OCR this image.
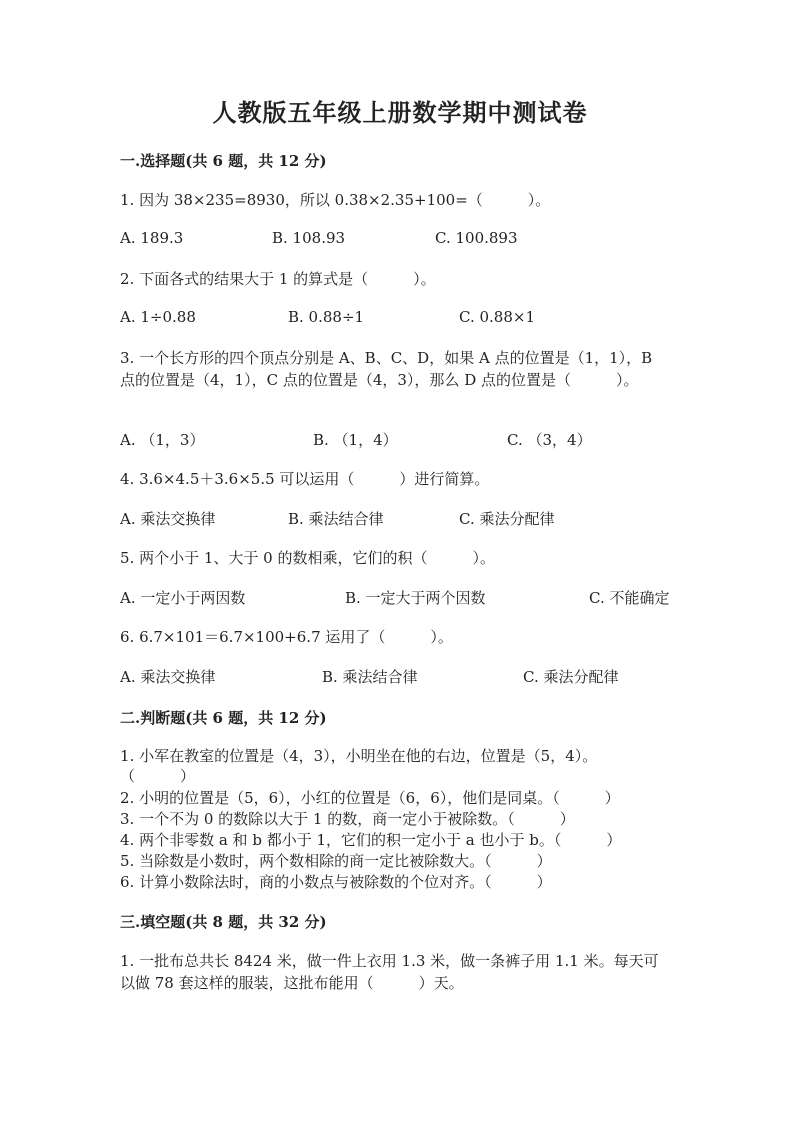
人教版五年级上册数学期中测试卷
一.选择题(共 6 题，共 12 分)
1. 因为 38×235=8930，所以 0.38×2.35+100=（　　　）。
A. 189.3	B. 108.93	C. 100.893
2. 下面各式的结果大于 1 的算式是（　　　）。
A. 1÷0.88	B. 0.88÷1	C. 0.88×1
3. 一个长方形的四个顶点分别是 A、B、C、D，如果 A 点的位置是（1，1），B
点的位置是（4，1），C 点的位置是（4，3），那么 D 点的位置是（　　　）。
A. （1，3）	B. （1，4）	C. （3，4）
4. 3.6×4.5＋3.6×5.5 可以运用（　　　）进行简算。
A. 乘法交换律	B. 乘法结合律	C. 乘法分配律
5. 两个小于 1、大于 0 的数相乘，它们的积（　　　）。
A. 一定小于两因数	B. 一定大于两个因数	C. 不能确定
6. 6.7×101＝6.7×100+6.7 运用了（　　　）。
A. 乘法交换律	B. 乘法结合律	C. 乘法分配律
二.判断题(共 6 题，共 12 分)
1. 小军在教室的位置是（4，3），小明坐在他的右边，位置是（5，4）。
（　　　）
2. 小明的位置是（5，6），小红的位置是（6，6），他们是同桌。（　　　）
3. 一个不为 0 的数除以大于 1 的数，商一定小于被除数。（　　　）
4. 两个非零数 a 和 b 都小于 1，它们的积一定小于 a 也小于 b。（　　　）
5. 当除数是小数时，两个数相除的商一定比被除数大。（　　　）
6. 计算小数除法时，商的小数点与被除数的个位对齐。（　　　）
三.填空题(共 8 题，共 32 分)
1. 一批布总共长 8424 米，做一件上衣用 1.3 米，做一条裤子用 1.1 米。每天可
以做 78 套这样的服装，这批布能用（　　　）天。
